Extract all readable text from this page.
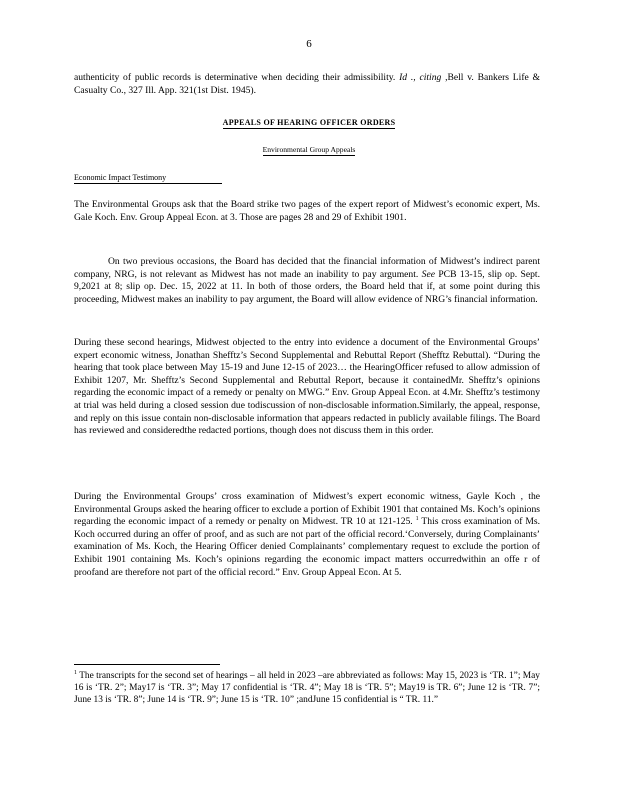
6
authenticity of public records is determinative when deciding their admissibility. Id ., citing ,Bell v. Bankers Life & Casualty Co., 327 Ill. App. 321(1st Dist. 1945).
APPEALS OF HEARING OFFICER ORDERS
Environmental Group Appeals
Economic Impact Testimony
The Environmental Groups ask that the Board strike two pages of the expert report of Midwest’s economic expert, Ms. Gale Koch. Env. Group Appeal Econ. at 3. Those are pages 28 and 29 of Exhibit 1901.
On two previous occasions, the Board has decided that the financial information of Midwest’s indirect parent company, NRG, is not relevant as Midwest has not made an inability to pay argument. See PCB 13-15, slip op. Sept. 9,2021 at 8; slip op. Dec. 15, 2022 at 11. In both of those orders, the Board held that if, at some point during this proceeding, Midwest makes an inability to pay argument, the Board will allow evidence of NRG’s financial information.
During these second hearings, Midwest objected to the entry into evidence a document of the Environmental Groups’ expert economic witness, Jonathan Shefftz’s Second Supplemental and Rebuttal Report (Shefftz Rebuttal). “During the hearing that took place between May 15-19 and June 12-15 of 2023… the HearingOfficer refused to allow admission of Exhibit 1207, Mr. Shefftz’s Second Supplemental and Rebuttal Report, because it containedMr. Shefftz’s opinions regarding the economic impact of a remedy or penalty on MWG.” Env. Group Appeal Econ. at 4.Mr. Shefftz’s testimony at trial was held during a closed session due todiscussion of non-disclosable information.Similarly, the appeal, response, and reply on this issue contain non-disclosable information that appears redacted in publicly available filings. The Board has reviewed and consideredthe redacted portions, though does not discuss them in this order.
During the Environmental Groups’ cross examination of Midwest’s expert economic witness, Gayle Koch , the Environmental Groups asked the hearing officer to exclude a portion of Exhibit 1901 that contained Ms. Koch’s opinions regarding the economic impact of a remedy or penalty on Midwest. TR 10 at 121-125. $^1$ This cross examination of Ms. Koch occurred during an offer of proof, and as such are not part of the official record.‘Conversely, during Complainants’ examination of Ms. Koch, the Hearing Officer denied Complainants’ complementary request to exclude the portion of Exhibit 1901 containing Ms. Koch’s opinions regarding the economic impact matters occurredwithin an offe r of proofand are therefore not part of the official record.” Env. Group Appeal Econ. At 5.
$^1$ The transcripts for the second set of hearings – all held in 2023 –are abbreviated as follows: May 15, 2023 is ‘TR. 1”; May 16 is ‘TR. 2”; May17 is ‘TR. 3”; May 17 confidential is ‘TR. 4”; May 18 is ‘TR. 5”; May19 is TR. 6”; June 12 is ‘TR. 7”; June 13 is ‘TR. 8”; June 14 is ‘TR. 9”; June 15 is ‘TR. 10” ;andJune 15 confidential is “ TR. 11.”
